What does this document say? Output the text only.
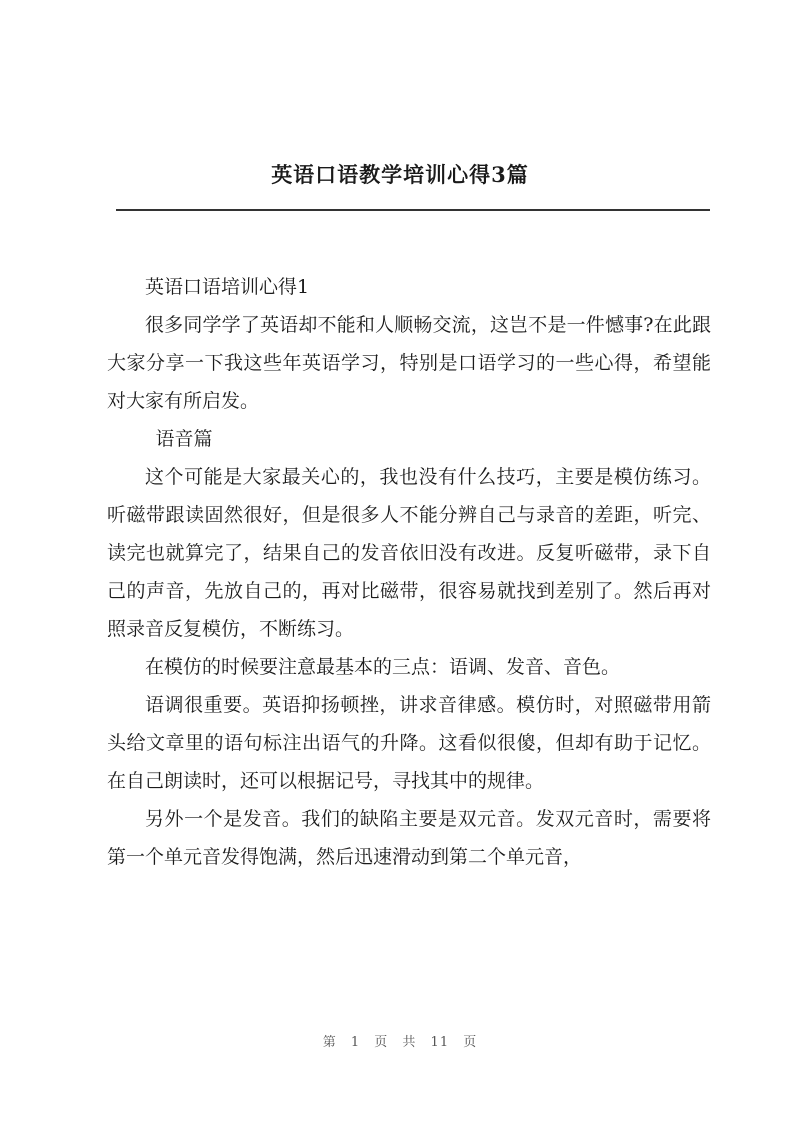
英语口语教学培训心得3篇

英语口语培训心得1

很多同学学了英语却不能和人顺畅交流，这岂不是一件憾事?在此跟大家分享一下我这些年英语学习，特别是口语学习的一些心得，希望能对大家有所启发。

语音篇

这个可能是大家最关心的，我也没有什么技巧，主要是模仿练习。听磁带跟读固然很好，但是很多人不能分辨自己与录音的差距，听完、读完也就算完了，结果自己的发音依旧没有改进。反复听磁带，录下自己的声音，先放自己的，再对比磁带，很容易就找到差别了。然后再对照录音反复模仿，不断练习。

在模仿的时候要注意最基本的三点：语调、发音、音色。

语调很重要。英语抑扬顿挫，讲求音律感。模仿时，对照磁带用箭头给文章里的语句标注出语气的升降。这看似很傻，但却有助于记忆。在自己朗读时，还可以根据记号，寻找其中的规律。

另外一个是发音。我们的缺陷主要是双元音。发双元音时，需要将第一个单元音发得饱满，然后迅速滑动到第二个单元音，

第 1 页 共 11 页
